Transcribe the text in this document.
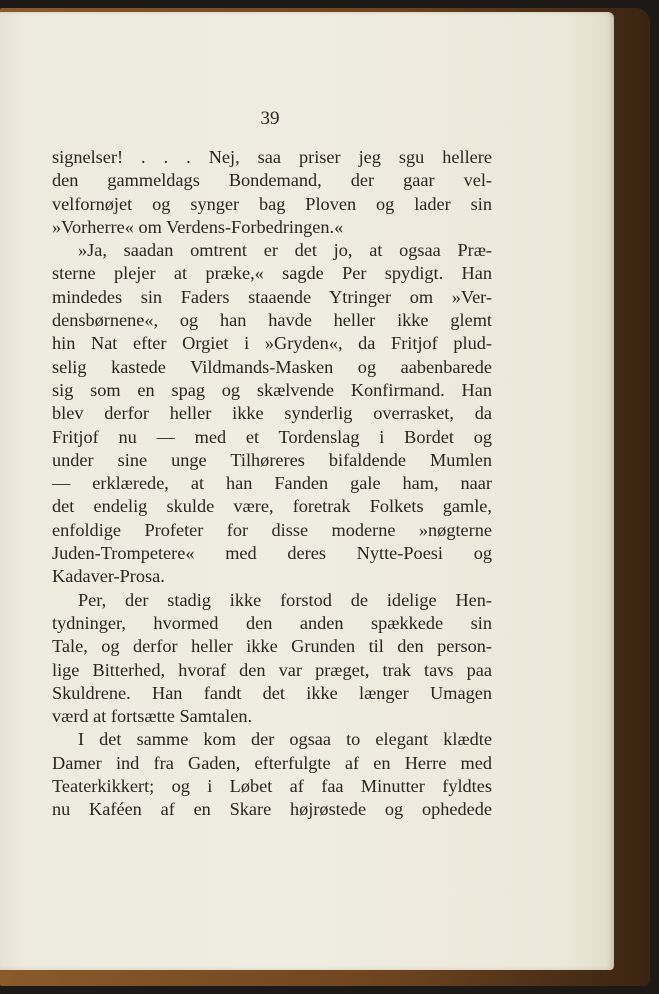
39
signelser! . . . Nej, saa priser jeg sgu hellere
den gammeldags Bondemand, der gaar vel-
velfornøjet og synger bag Ploven og lader sin
»Vorherre« om Verdens-Forbedringen.«
»Ja, saadan omtrent er det jo, at ogsaa Præ-
sterne plejer at præke,« sagde Per spydigt. Han
mindedes sin Faders staaende Ytringer om »Ver-
densbørnene«, og han havde heller ikke glemt
hin Nat efter Orgiet i »Gryden«, da Fritjof plud-
selig kastede Vildmands-Masken og aabenbarede
sig som en spag og skælvende Konfirmand. Han
blev derfor heller ikke synderlig overrasket, da
Fritjof nu — med et Tordenslag i Bordet og
under sine unge Tilhøreres bifaldende Mumlen
— erklærede, at han Fanden gale ham, naar
det endelig skulde være, foretrak Folkets gamle,
enfoldige Profeter for disse moderne »nøgterne
Juden-Trompetere« med deres Nytte-Poesi og
Kadaver-Prosa.
Per, der stadig ikke forstod de idelige Hen-
tydninger, hvormed den anden spækkede sin
Tale, og derfor heller ikke Grunden til den person-
lige Bitterhed, hvoraf den var præget, trak tavs paa
Skuldrene. Han fandt det ikke længer Umagen
værd at fortsætte Samtalen.
I det samme kom der ogsaa to elegant klædte
Damer ind fra Gaden, efterfulgte af en Herre med
Teaterkikkert; og i Løbet af faa Minutter fyldtes
nu Kaféen af en Skare højrøstede og ophedede
